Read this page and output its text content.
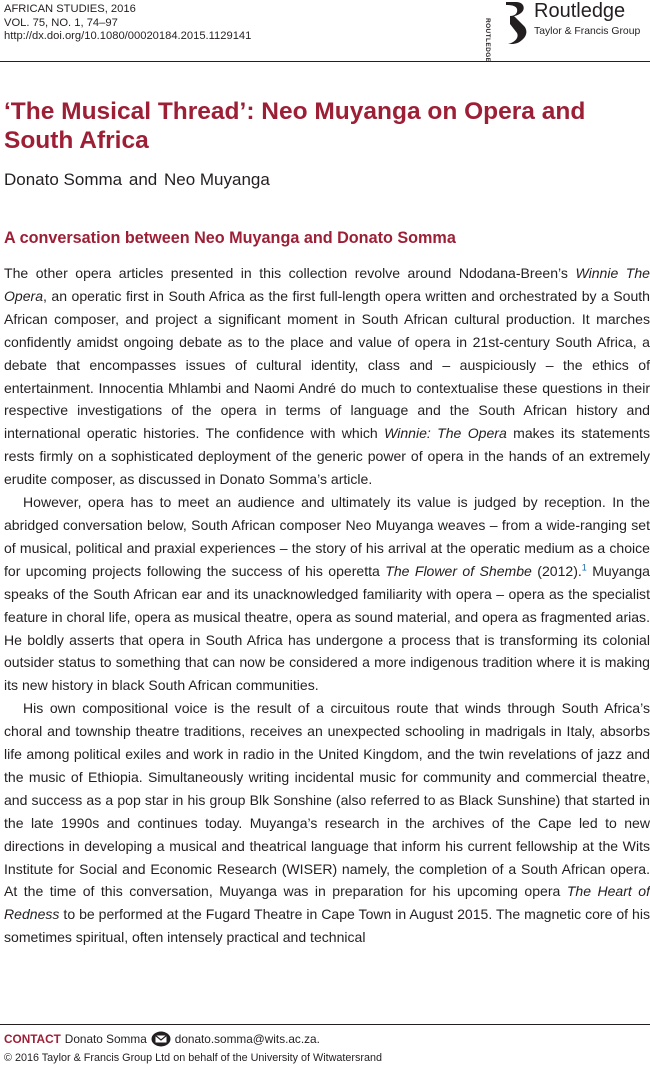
AFRICAN STUDIES, 2016
VOL. 75, NO. 1, 74–97
http://dx.doi.org/10.1080/00020184.2015.1129141	ROUTLEDGE
Routledge
Taylor & Francis Group
‘The Musical Thread’: Neo Muyanga on Opera and South Africa
Donato Somma and Neo Muyanga
A conversation between Neo Muyanga and Donato Somma

The other opera articles presented in this collection revolve around Ndodana-Breen’s Winnie The Opera, an operatic first in South Africa as the first full-length opera written and orchestrated by a South African composer, and project a significant moment in South African cultural production. It marches confidently amidst ongoing debate as to the place and value of opera in 21st-century South Africa, a debate that encompasses issues of cultural identity, class and – auspiciously – the ethics of entertainment. Innocentia Mhlambi and Naomi André do much to contextualise these questions in their respective investigations of the opera in terms of language and the South African history and international operatic histories. The confidence with which Winnie: The Opera makes its statements rests firmly on a sophisticated deployment of the generic power of opera in the hands of an extremely erudite composer, as discussed in Donato Somma’s article.

However, opera has to meet an audience and ultimately its value is judged by reception. In the abridged conversation below, South African composer Neo Muyanga weaves – from a wide-ranging set of musical, political and praxial experiences – the story of his arrival at the operatic medium as a choice for upcoming projects following the success of his operetta The Flower of Shembe (2012).$^1$ Muyanga speaks of the South African ear and its unacknowledged familiarity with opera – opera as the specialist feature in choral life, opera as musical theatre, opera as sound material, and opera as fragmented arias. He boldly asserts that opera in South Africa has undergone a process that is transforming its colonial outsider status to something that can now be considered a more indigenous tradition where it is making its new history in black South African communities.

His own compositional voice is the result of a circuitous route that winds through South Africa’s choral and township theatre traditions, receives an unexpected schooling in madrigals in Italy, absorbs life among political exiles and work in radio in the United Kingdom, and the twin revelations of jazz and the music of Ethiopia. Simultaneously writing incidental music for community and commercial theatre, and success as a pop star in his group Blk Sonshine (also referred to as Black Sunshine) that started in the late 1990s and continues today. Muyanga’s research in the archives of the Cape led to new directions in developing a musical and theatrical language that inform his current fellowship at the Wits Institute for Social and Economic Research (WISER) namely, the completion of a South African opera. At the time of this conversation, Muyanga was in preparation for his upcoming opera The Heart of Redness to be performed at the Fugard Theatre in Cape Town in August 2015. The magnetic core of his sometimes spiritual, often intensely practical and technical

CONTACT Donato Somma donato.somma@wits.ac.za.
© 2016 Taylor & Francis Group Ltd on behalf of the University of Witwatersrand
